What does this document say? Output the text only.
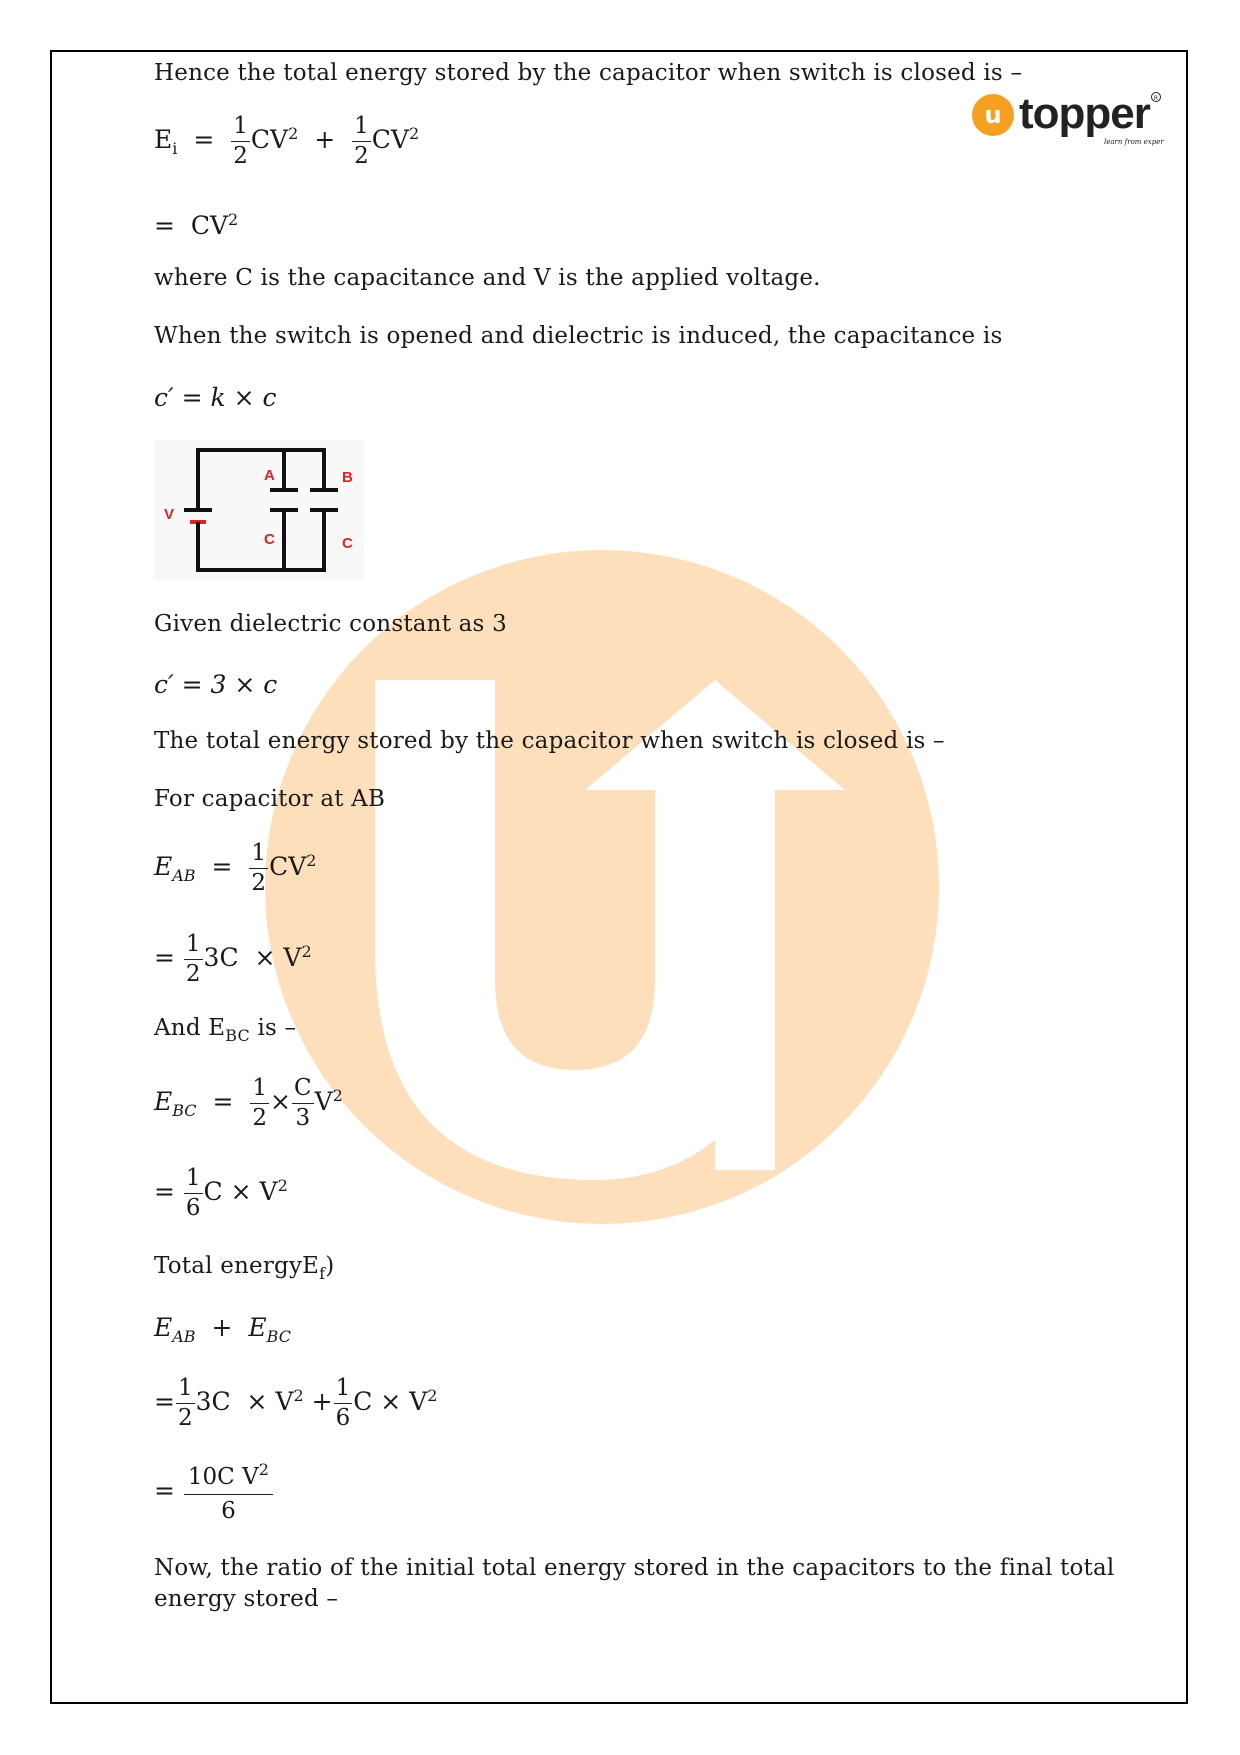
u topper
learn from experts
R
Hence the total energy stored by the capacitor when switch is closed is –
$E_i = \frac{1}{2} CV^2 + \frac{1}{2} CV^2$
= $CV^2$
where C is the capacitance and V is the applied voltage.
When the switch is opened and dielectric is induced, the capacitance is
c′ = k × c
V
A	B
C	C
Given dielectric constant as 3
c′ = 3 × c
The total energy stored by the capacitor when switch is closed is –
For capacitor at AB
$E_{AB} = \frac{1}{2} CV^2$
= $\frac{1}{2} 3C \times V^2$
And $E_{BC}$ is –
$E_{BC} = \frac{1}{2} \times \frac{C}{3} V^2$
= $\frac{1}{6}$ $C \times V^2$
Total energyE$_f$)
$E_{AB} + E_{BC}$
= $\frac{1}{2} 3C \times V^2 + \frac{1}{6}$ $C \times V^2$
= $\frac{10C V^2}{6}$
Now, the ratio of the initial total energy stored in the capacitors to the final total
energy stored –
